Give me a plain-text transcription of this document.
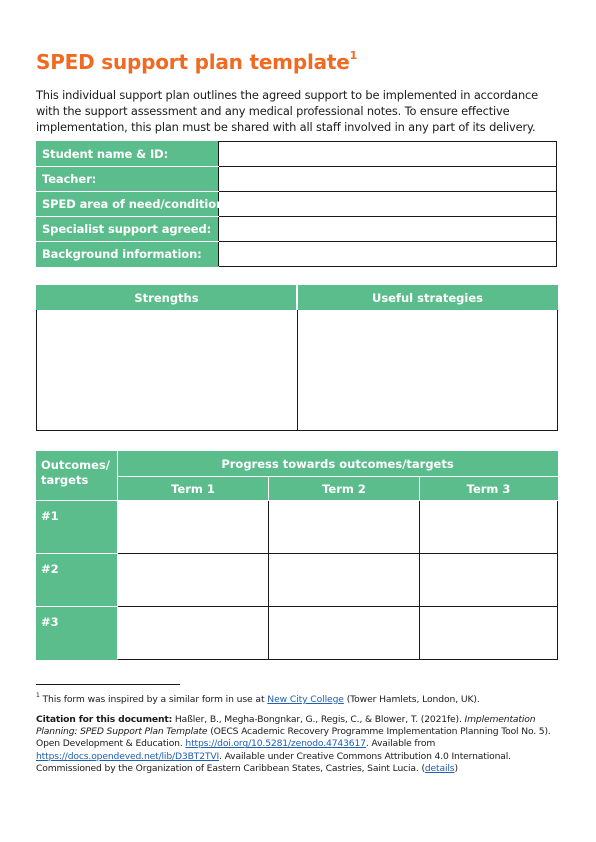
SPED support plan template$^1$

This individual support plan outlines the agreed support to be implemented in accordance with the support assessment and any medical professional notes. To ensure effective implementation, this plan must be shared with all staff involved in any part of its delivery.

Student name & ID:	
Teacher:	
SPED area of need/condition:	
Specialist support agreed:	
Background information:	
Strengths	Useful strategies

Outcomes/ targets	Progress towards outcomes/targets		
	Term 1	Term 2	Term 3
#1			
#2			
#3			

$^1$ This form was inspired by a similar form in use at New City College (Tower Hamlets, London, UK).

Citation for this document: Haßler, B., Megha-Bongnkar, G., Regis, C., & Blower, T. (2021fe). Implementation Planning: SPED Support Plan Template (OECS Academic Recovery Programme Implementation Planning Tool No. 5). Open Development & Education. https://doi.org/10.5281/zenodo.4743617. Available from https://docs.opendeved.net/lib/D3BT2TVI. Available under Creative Commons Attribution 4.0 International. Commissioned by the Organization of Eastern Caribbean States, Castries, Saint Lucia. (details)
